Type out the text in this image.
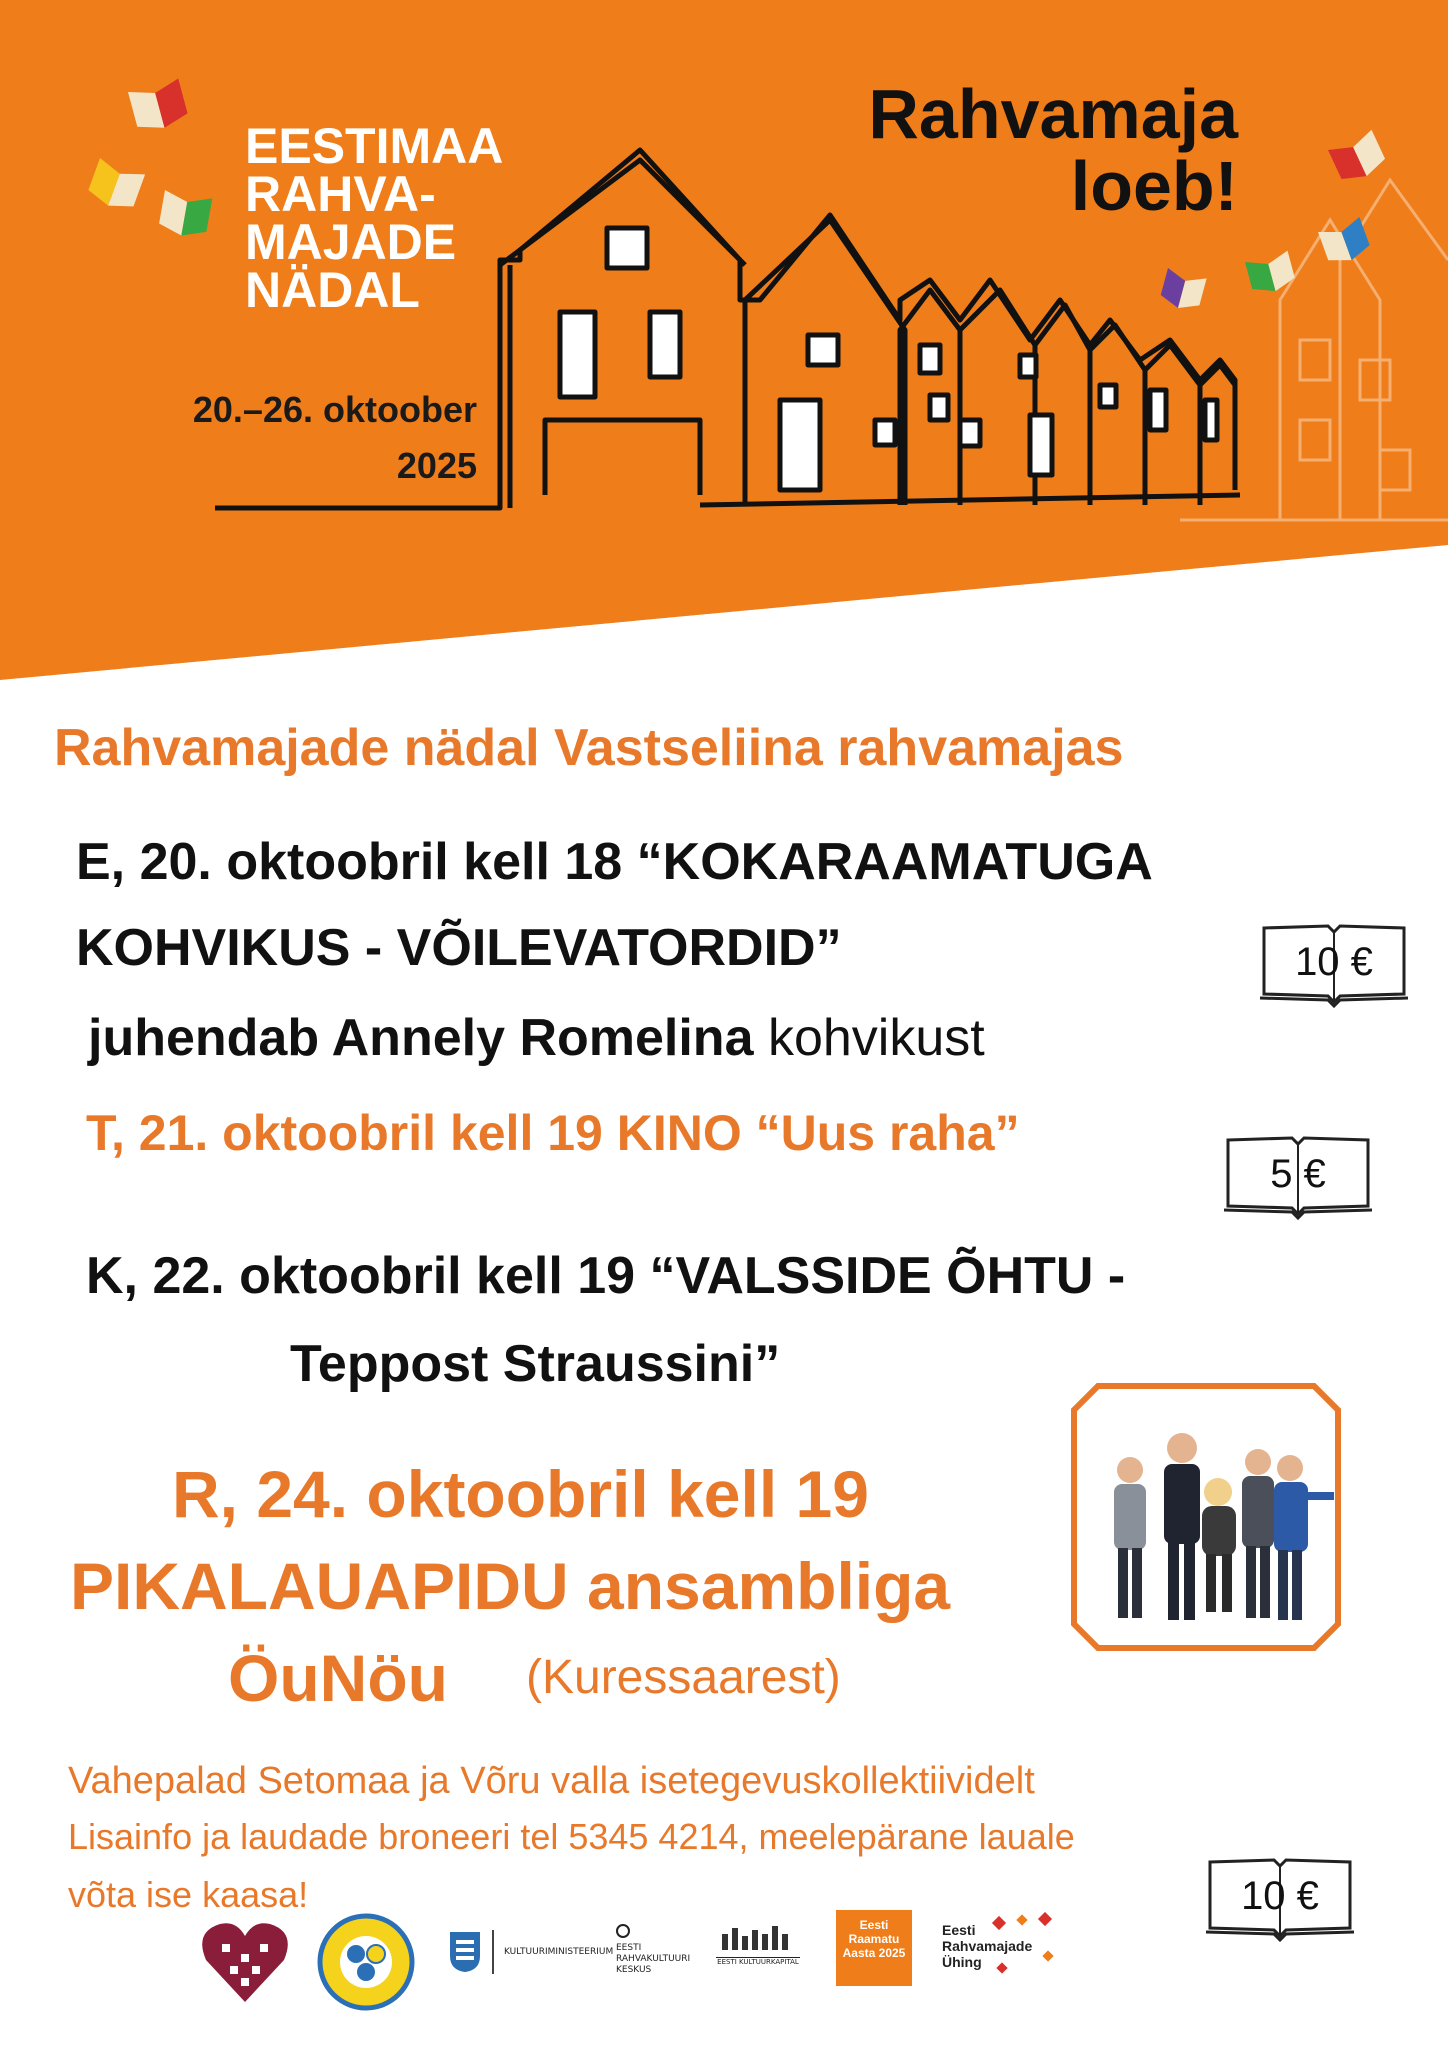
EESTIMAA
RAHVA-
MAJADE
NÄDAL
20.–26. oktoober
2025
Rahvamaja
loeb!
Rahvamajade nädal Vastseliina rahvamajas
E, 20. oktoobril kell 18 “KOKARAAMATUGA
KOHVIKUS - VÕILEVATORDID”
juhendab Annely Romelina kohvikust
10 €
T, 21. oktoobril kell 19 KINO “Uus raha”
5 €
K, 22. oktoobril kell 19 “VALSSIDE ÕHTU -
Teppost Straussini”
R, 24. oktoobril kell 19
PIKALAUAPIDU ansambliga
ÖuNöu (Kuressaarest)
Vahepalad Setomaa ja Võru valla isetegevuskollektiividelt
Lisainfo ja laudade broneeri tel 5345 4214, meelepärane lauale
võta ise kaasa!	10 €
KULTUURIMINISTEERIUM EESTI RAHVAKULTUURI KESKUS
EESTI KULTUURKAPITAL
Eesti Raamatu Aasta 2025
Eesti Rahvamajade Ühing
